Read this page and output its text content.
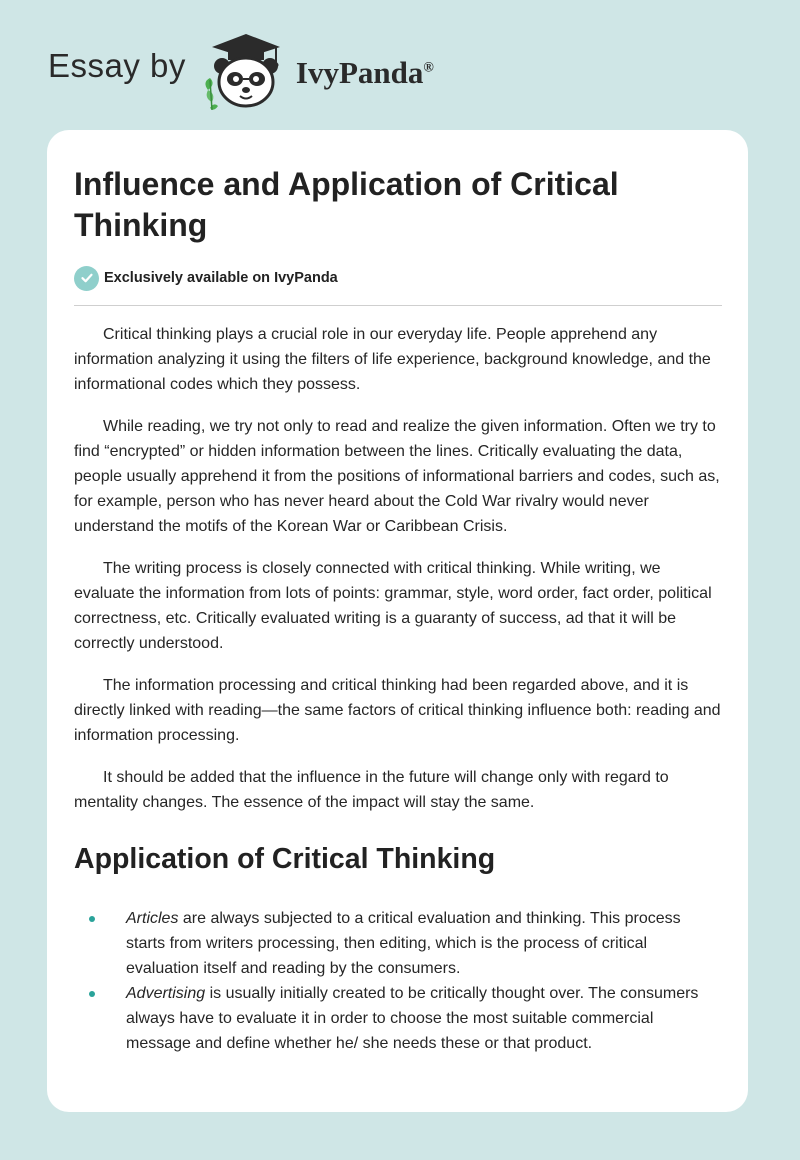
Essay by	IvyPanda®
Influence and Application of Critical Thinking
Exclusively available on IvyPanda

Critical thinking plays a crucial role in our everyday life. People apprehend any information analyzing it using the filters of life experience, background knowledge, and the informational codes which they possess.

While reading, we try not only to read and realize the given information. Often we try to find “encrypted” or hidden information between the lines. Critically evaluating the data, people usually apprehend it from the positions of informational barriers and codes, such as, for example, person who has never heard about the Cold War rivalry would never understand the motifs of the Korean War or Caribbean Crisis.

The writing process is closely connected with critical thinking. While writing, we evaluate the information from lots of points: grammar, style, word order, fact order, political correctness, etc. Critically evaluated writing is a guaranty of success, ad that it will be correctly understood.

The information processing and critical thinking had been regarded above, and it is directly linked with reading—the same factors of critical thinking influence both: reading and information processing.

It should be added that the influence in the future will change only with regard to mentality changes. The essence of the impact will stay the same.

Application of Critical Thinking
Articles are always subjected to a critical evaluation and thinking. This process starts from writers processing, then editing, which is the process of critical evaluation itself and reading by the consumers.
Advertising is usually initially created to be critically thought over. The consumers always have to evaluate it in order to choose the most suitable commercial message and define whether he/ she needs these or that product.
